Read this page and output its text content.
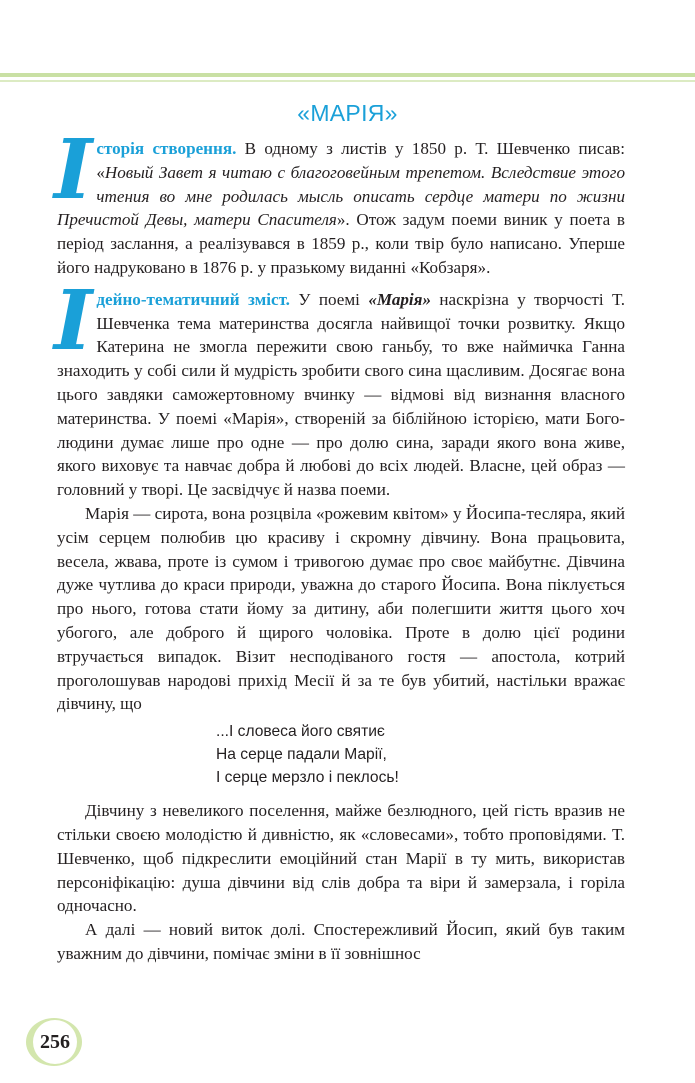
«МАРІЯ»

Історія створення. В одному з листів у 1850 р. Т. Шевченко писав: «Новый Завет я читаю с благоговейным трепетом. Вследствие этого чтения во мне родилась мысль описать сердце матери по жизни Пречистой Девы, матери Спасителя». Отож задум поеми виник у поета в період заслання, а реалізувався в 1859 р., коли твір було написано. Уперше його надруковано в 1876 р. у празькому виданні «Кобзаря».

Ідейно-тематичний зміст. У поемі «Марія» наскрізна у творчості Т. Шевченка тема материнства досягла найвищої точки розвитку. Якщо Катерина не змогла пережити свою ганьбу, то вже наймичка Ганна знаходить у собі сили й мудрість зробити свого сина щасливим. Досягає вона цього завдяки саможертовному вчинку — відмові від визнання власного материнства. У поемі «Марія», створеній за біблійною історією, мати Боголюдини думає лише про одне — про долю сина, заради якого вона живе, якого виховує та навчає добра й любові до всіх людей. Власне, цей образ — головний у творі. Це засвідчує й назва поеми.

Марія — сирота, вона розцвіла «рожевим квітом» у Йосипа-тесляра, який усім серцем полюбив цю красиву і скромну дівчину. Вона працьовита, весела, жвава, проте із сумом і тривогою думає про своє майбутнє. Дівчина дуже чутлива до краси природи, уважна до старого Йосипа. Вона піклується про нього, готова стати йому за дитину, аби полегшити життя цього хоч убогого, але доброго й щирого чоловіка. Проте в долю цієї родини втручається випадок. Візит несподіваного гостя — апостола, котрий проголошував народові прихід Месії й за те був убитий, настільки вражає дівчину, що

...І словеса його святиє
На серце падали Марії,
І серце мерзло і пеклось!

Дівчину з невеликого поселення, майже безлюдного, цей гість вразив не стільки своєю молодістю й дивністю, як «словесами», тобто проповідями. Т. Шевченко, щоб підкреслити емоційний стан Марії в ту мить, використав персоніфікацію: душа дівчини від слів добра та віри й замерзала, і горіла одночасно.

А далі — новий виток долі. Спостережливий Йосип, який був таким уважним до дівчини, помічає зміни в її зовнішнос

256
